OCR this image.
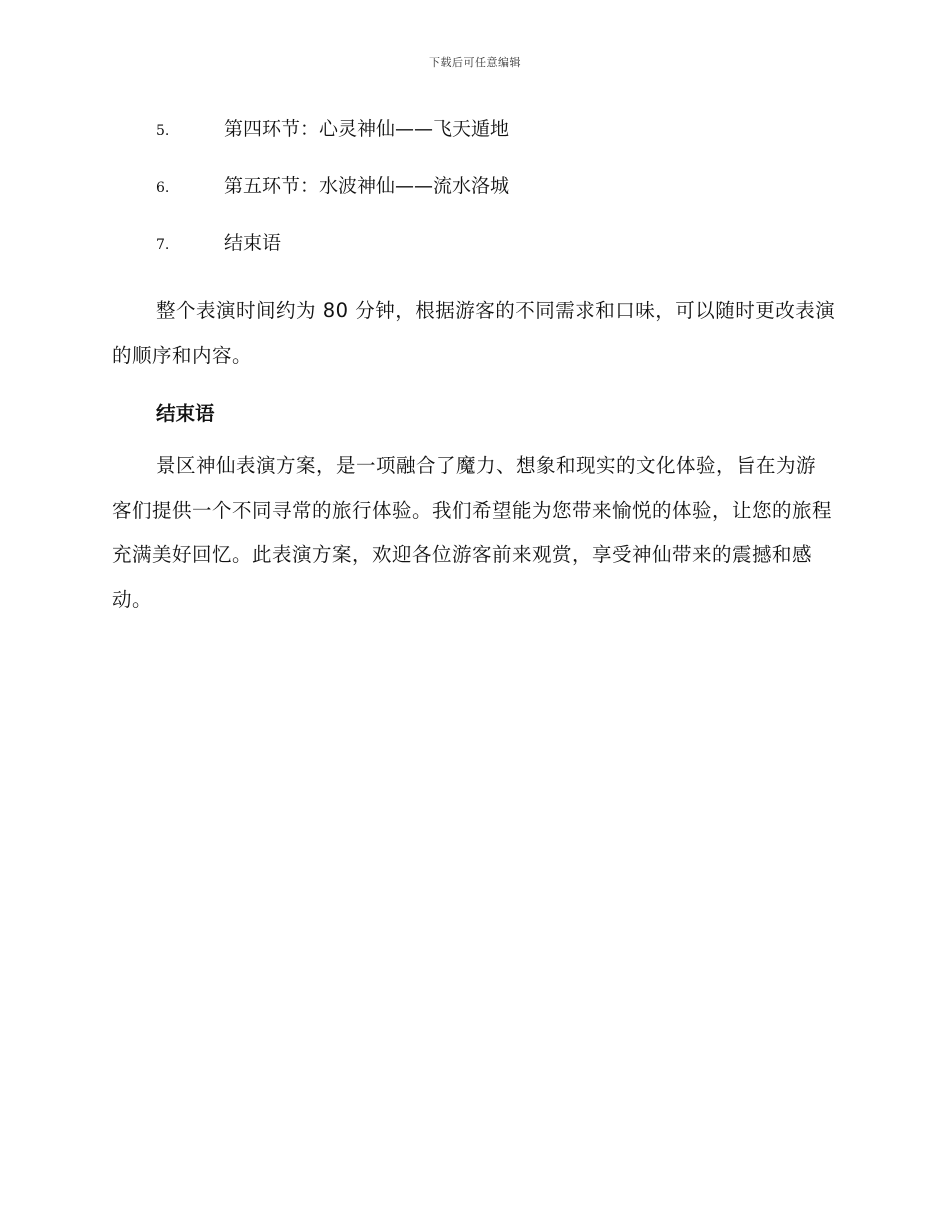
下载后可任意编辑
5.	第四环节：心灵神仙——飞天遁地
6.	第五环节：水波神仙——流水洛城
7.	结束语

整个表演时间约为 80 分钟，根据游客的不同需求和口味，可以随时更改表演的顺序和内容。

结束语

景区神仙表演方案，是一项融合了魔力、想象和现实的文化体验，旨在为游客们提供一个不同寻常的旅行体验。我们希望能为您带来愉悦的体验，让您的旅程充满美好回忆。此表演方案，欢迎各位游客前来观赏，享受神仙带来的震撼和感动。
